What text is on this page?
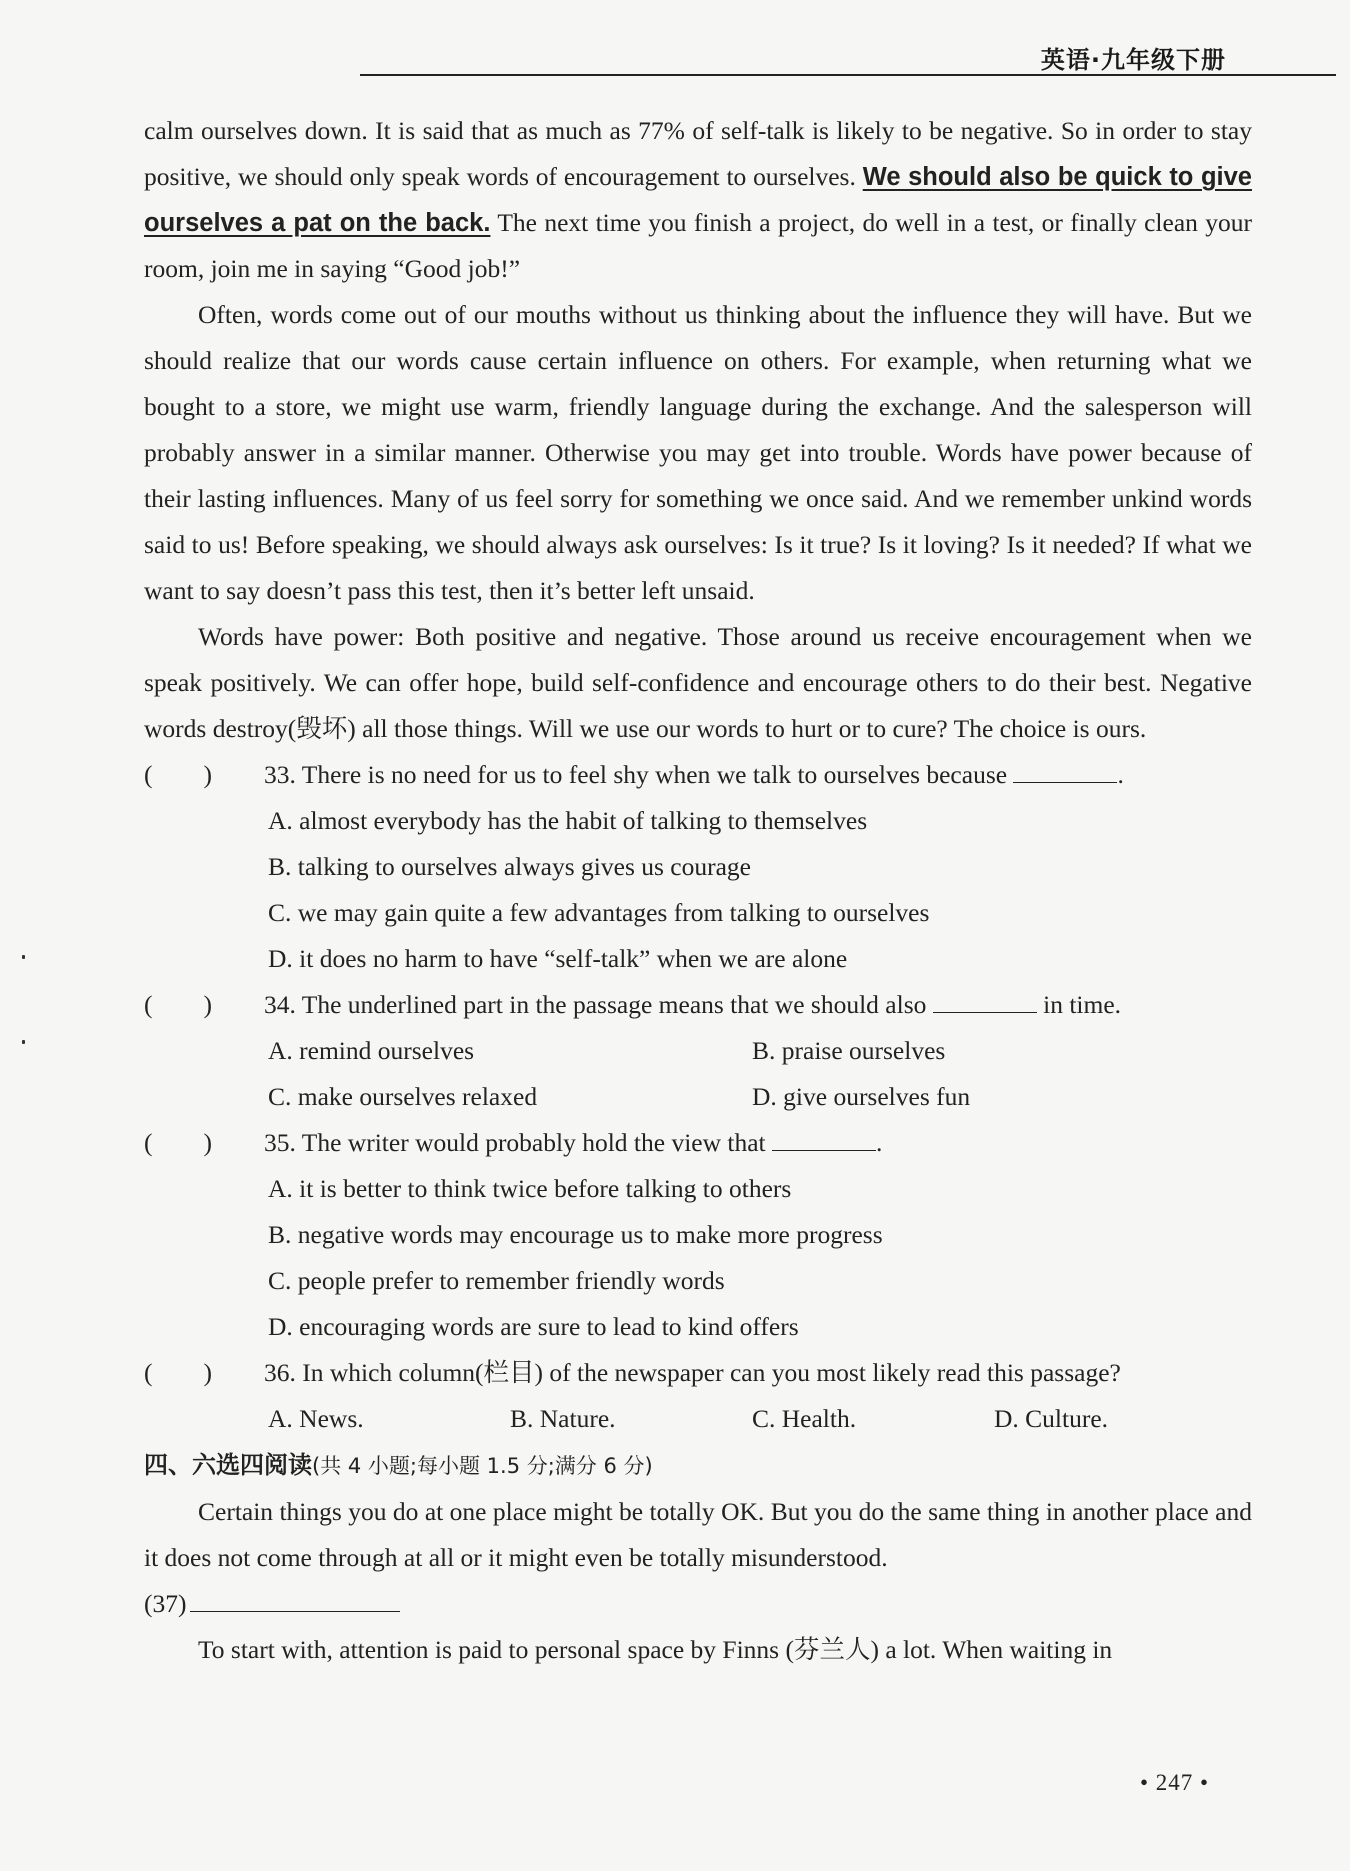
英语·九年级下册

calm ourselves down. It is said that as much as 77% of self-talk is likely to be negative. So in order to stay positive, we should only speak words of encouragement to ourselves. We should also be quick to give ourselves a pat on the back. The next time you finish a project, do well in a test, or finally clean your room, join me in saying “Good job!”

Often, words come out of our mouths without us thinking about the influence they will have. But we should realize that our words cause certain influence on others. For example, when returning what we bought to a store, we might use warm, friendly language during the exchange. And the salesperson will probably answer in a similar manner. Otherwise you may get into trouble. Words have power because of their lasting influences. Many of us feel sorry for something we once said. And we remember unkind words said to us! Before speaking, we should always ask ourselves: Is it true? Is it loving? Is it needed? If what we want to say doesn’t pass this test, then it’s better left unsaid.

Words have power: Both positive and negative. Those around us receive encouragement when we speak positively. We can offer hope, build self-confidence and encourage others to do their best. Negative words destroy(毁坏) all those things. Will we use our words to hurt or to cure? The choice is ours.

(　　) 33. There is no need for us to feel shy when we talk to ourselves because	.

A. almost everybody has the habit of talking to themselves

B. talking to ourselves always gives us courage

C. we may gain quite a few advantages from talking to ourselves

D. it does no harm to have “self-talk” when we are alone

(　　) 34. The underlined part in the passage means that we should also	in time.

A. remind ourselves	B. praise ourselves

C. make ourselves relaxed	D. give ourselves fun

(　　) 35. The writer would probably hold the view that	.

A. it is better to think twice before talking to others

B. negative words may encourage us to make more progress

C. people prefer to remember friendly words

D. encouraging words are sure to lead to kind offers

(　　) 36. In which column(栏目) of the newspaper can you most likely read this passage?

A. News.	B. Nature.	C. Health.	D. Culture.

四、六选四阅读(共 4 小题;每小题 1.5 分;满分 6 分)

Certain things you do at one place might be totally OK. But you do the same thing in another place and it does not come through at all or it might even be totally misunderstood.

(37)

To start with, attention is paid to personal space by Finns (芬兰人) a lot. When waiting in

• 247 •
